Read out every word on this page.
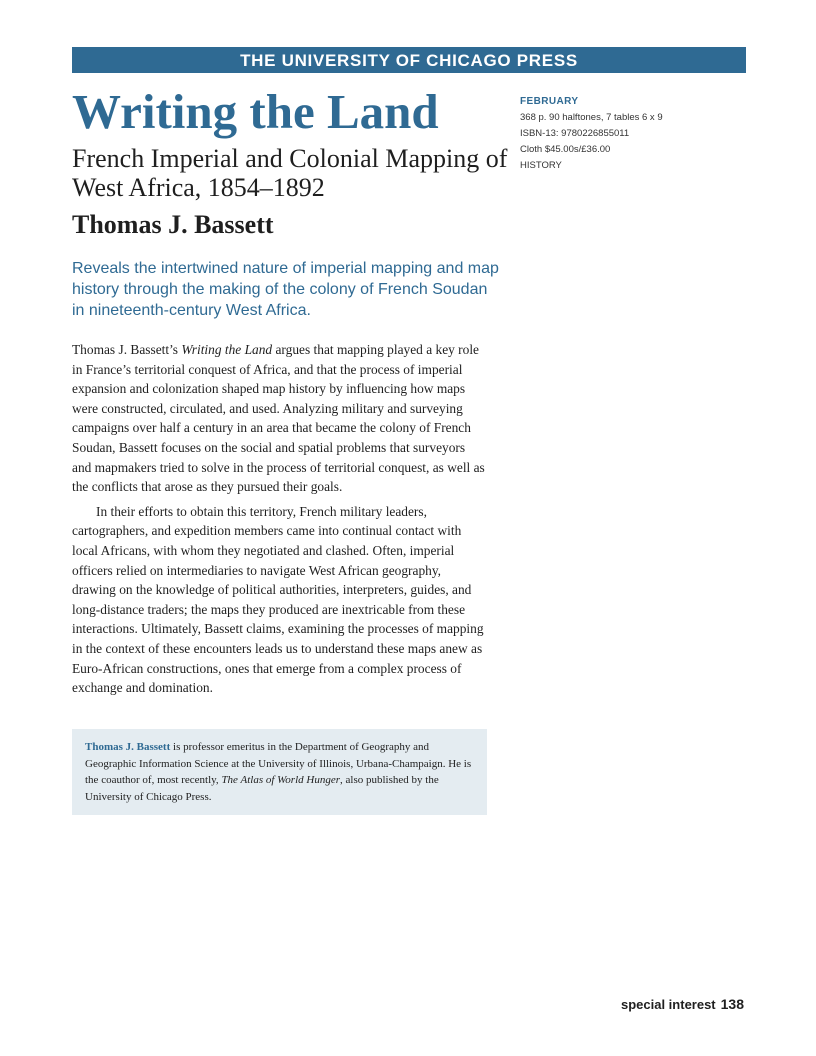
THE UNIVERSITY OF CHICAGO PRESS
Writing the Land
French Imperial and Colonial Mapping of West Africa, 1854–1892
Thomas J. Bassett
Reveals the intertwined nature of imperial mapping and map history through the making of the colony of French Soudan in nineteenth-century West Africa.
FEBRUARY
368 p. 90 halftones, 7 tables 6 x 9
ISBN-13: 9780226855011
Cloth $45.00s/£36.00
HISTORY

Thomas J. Bassett’s Writing the Land argues that mapping played a key role in France’s territorial conquest of Africa, and that the process of imperial expansion and colonization shaped map history by influencing how maps were constructed, circulated, and used. Analyzing military and surveying campaigns over half a century in an area that became the colony of French Soudan, Bassett focuses on the social and spatial problems that surveyors and mapmakers tried to solve in the process of territorial conquest, as well as the conflicts that arose as they pursued their goals.

In their efforts to obtain this territory, French military leaders, cartographers, and expedition members came into continual contact with local Africans, with whom they negotiated and clashed. Often, imperial officers relied on intermediaries to navigate West African geography, drawing on the knowledge of political authorities, interpreters, guides, and long-distance traders; the maps they produced are inextricable from these interactions. Ultimately, Bassett claims, examining the processes of mapping in the context of these encounters leads us to understand these maps anew as Euro-African constructions, ones that emerge from a complex process of exchange and domination.

Thomas J. Bassett is professor emeritus in the Department of Geography and Geographic Information Science at the University of Illinois, Urbana-Champaign. He is the coauthor of, most recently, The Atlas of World Hunger, also published by the University of Chicago Press.
special interest 138
